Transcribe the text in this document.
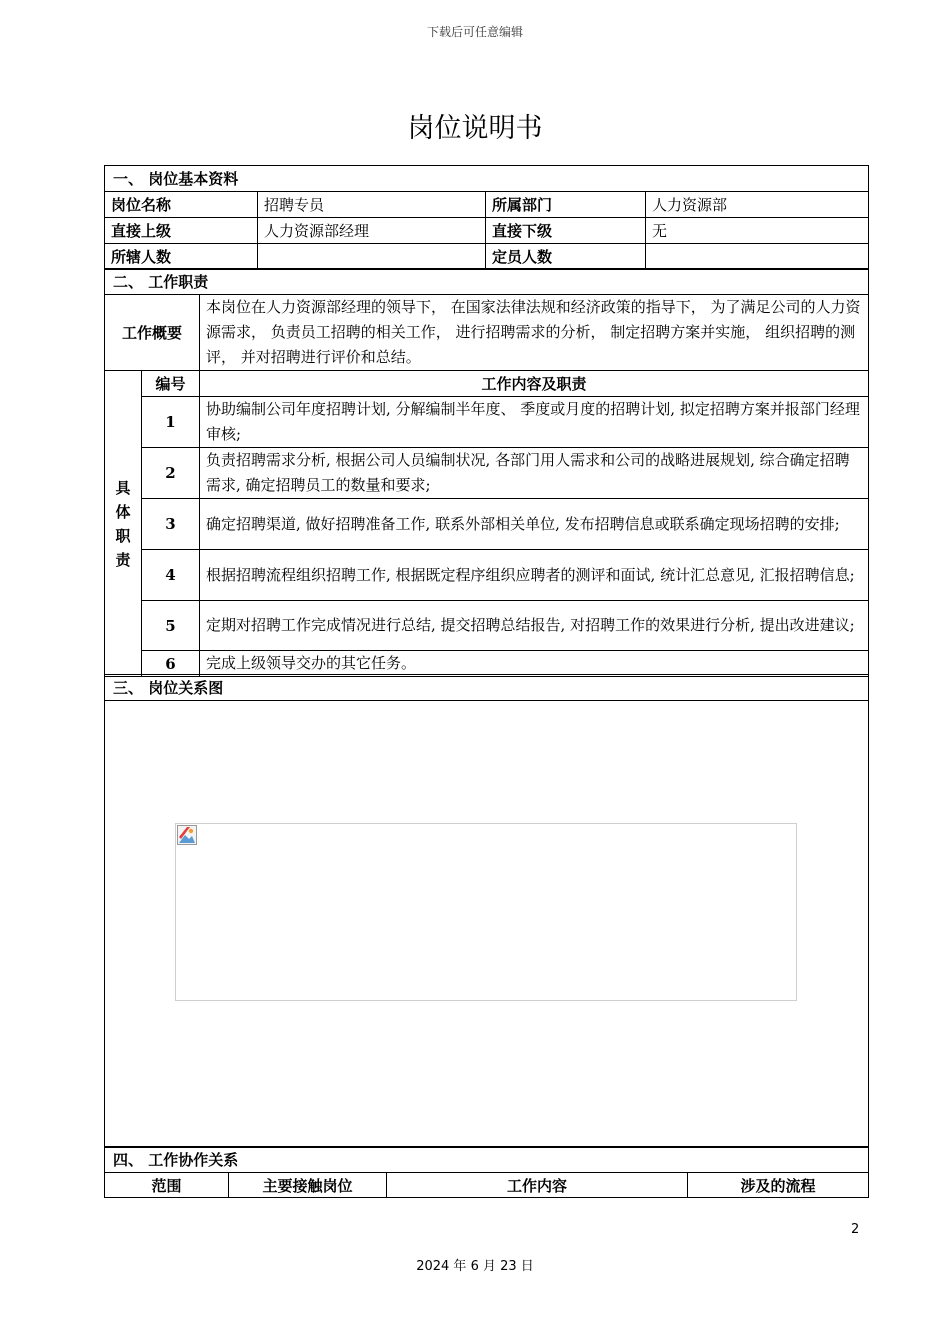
下载后可任意编辑
岗位说明书
一、 岗位基本资料			
岗位名称	招聘专员	所属部门	人力资源部
直接上级	人力资源部经理	直接下级	无
所辖人数		定员人数	
二、 工作职责		
工作概要		本岗位在人力资源部经理的领导下， 在国家法律法规和经济政策的指导下， 为了满足公司的人力资源需求， 负责员工招聘的相关工作， 进行招聘需求的分析， 制定招聘方案并实施， 组织招聘的测评， 并对招聘进行评价和总结。
具
体
职
责	编号	工作内容及职责
	1	协助编制公司年度招聘计划, 分解编制半年度、 季度或月度的招聘计划, 拟定招聘方案并报部门经理审核;
	2	负责招聘需求分析, 根据公司人员编制状况, 各部门用人需求和公司的战略进展规划, 综合确定招聘需求, 确定招聘员工的数量和要求;
	3	确定招聘渠道, 做好招聘准备工作, 联系外部相关单位, 发布招聘信息或联系确定现场招聘的安排;
	4	根据招聘流程组织招聘工作, 根据既定程序组织应聘者的测评和面试, 统计汇总意见, 汇报招聘信息;
	5	定期对招聘工作完成情况进行总结, 提交招聘总结报告, 对招聘工作的效果进行分析, 提出改进建议;
	6	完成上级领导交办的其它任务。
三、 岗位关系图

四、 工作协作关系
范围	主要接触岗位	工作内容	涉及的流程
2
2024 年 6 月 23 日
